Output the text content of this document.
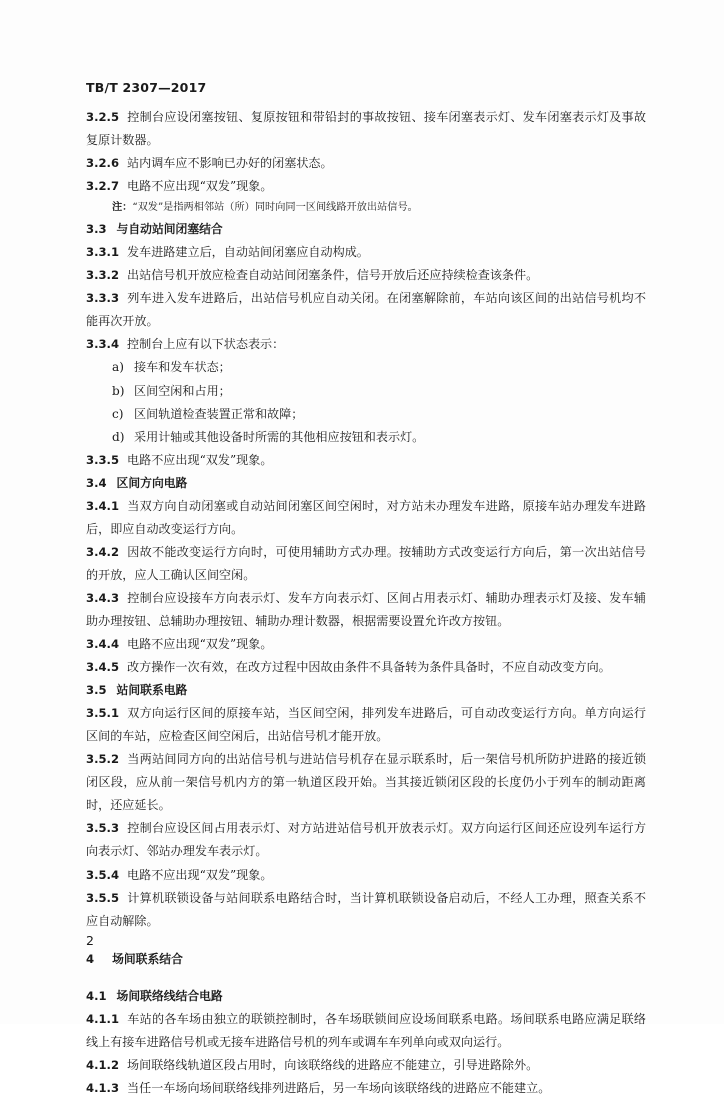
TB/T 2307—2017

3.2.5 控制台应设闭塞按钮、复原按钮和带铅封的事故按钮、接车闭塞表示灯、发车闭塞表示灯及事故复原计数器。

3.2.6 站内调车应不影响已办好的闭塞状态。

3.2.7 电路不应出现“双发”现象。

注：“双发”是指两相邻站（所）同时向同一区间线路开放出站信号。

3.3 与自动站间闭塞结合

3.3.1 发车进路建立后，自动站间闭塞应自动构成。

3.3.2 出站信号机开放应检查自动站间闭塞条件，信号开放后还应持续检查该条件。

3.3.3 列车进入发车进路后，出站信号机应自动关闭。在闭塞解除前，车站向该区间的出站信号机均不能再次开放。

3.3.4 控制台上应有以下状态表示：

a) 接车和发车状态；

b) 区间空闲和占用；

c) 区间轨道检查装置正常和故障；

d) 采用计轴或其他设备时所需的其他相应按钮和表示灯。

3.3.5 电路不应出现“双发”现象。

3.4 区间方向电路

3.4.1 当双方向自动闭塞或自动站间闭塞区间空闲时，对方站未办理发车进路，原接车站办理发车进路后，即应自动改变运行方向。

3.4.2 因故不能改变运行方向时，可使用辅助方式办理。按辅助方式改变运行方向后，第一次出站信号的开放，应人工确认区间空闲。

3.4.3 控制台应设接车方向表示灯、发车方向表示灯、区间占用表示灯、辅助办理表示灯及接、发车辅助办理按钮、总辅助办理按钮、辅助办理计数器，根据需要设置允许改方按钮。

3.4.4 电路不应出现“双发”现象。

3.4.5 改方操作一次有效，在改方过程中因故由条件不具备转为条件具备时，不应自动改变方向。

3.5 站间联系电路

3.5.1 双方向运行区间的原接车站，当区间空闲，排列发车进路后，可自动改变运行方向。单方向运行区间的车站，应检查区间空闲后，出站信号机才能开放。

3.5.2 当两站间同方向的出站信号机与进站信号机存在显示联系时，后一架信号机所防护进路的接近锁闭区段，应从前一架信号机内方的第一轨道区段开始。当其接近锁闭区段的长度仍小于列车的制动距离时，还应延长。

3.5.3 控制台应设区间占用表示灯、对方站进站信号机开放表示灯。双方向运行区间还应设列车运行方向表示灯、邻站办理发车表示灯。

3.5.4 电路不应出现“双发”现象。

3.5.5 计算机联锁设备与站间联系电路结合时，当计算机联锁设备启动后，不经人工办理，照查关系不应自动解除。

4 场间联系结合

4.1 场间联络线结合电路

4.1.1 车站的各车场由独立的联锁控制时，各车场联锁间应设场间联系电路。场间联系电路应满足联络线上有接车进路信号机或无接车进路信号机的列车或调车车列单向或双向运行。

4.1.2 场间联络线轨道区段占用时，向该联络线的进路应不能建立，引导进路除外。

4.1.3 当任一车场向场间联络线排列进路后，另一车场向该联络线的进路应不能建立。

2
